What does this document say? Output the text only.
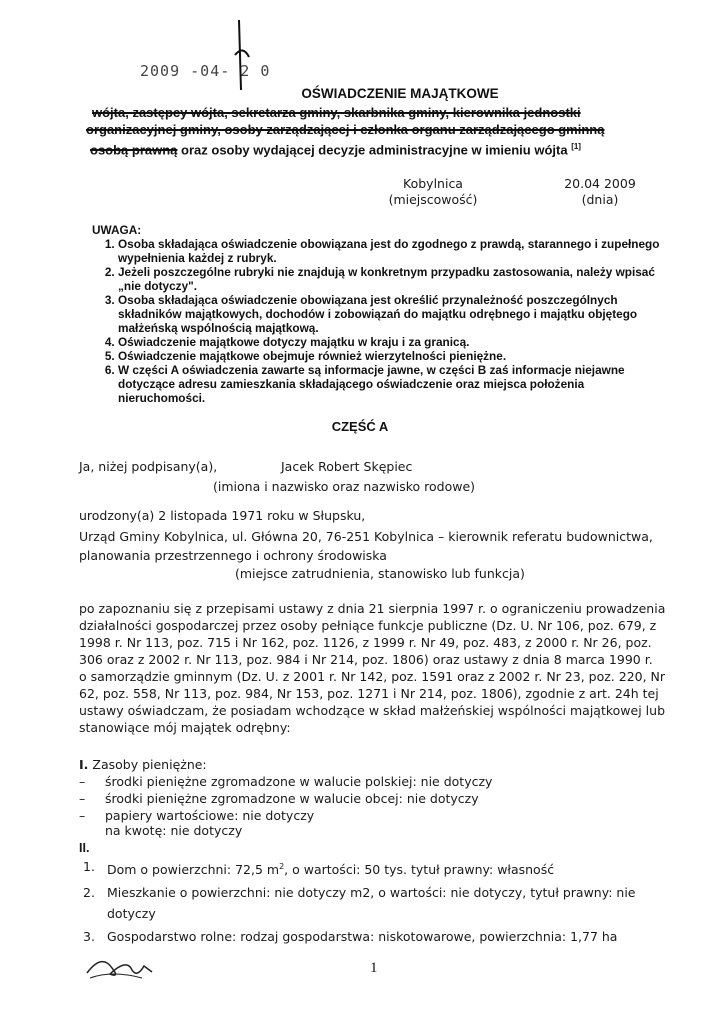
2009 -04- 2 0
OŚWIADCZENIE MAJĄTKOWE
wójta, zastępcy wójta, sekretarza gminy, skarbnika gminy, kierownika jednostki
organizacyjnej gminy, osoby zarządzającej i członka organu zarządzającego gminną
osobą prawną oraz osoby wydającej decyzje administracyjne w imieniu wójta [1]
Kobylnica
(miejscowość)
20.04 2009
(dnia)
UWAGA:
1. Osoba składająca oświadczenie obowiązana jest do zgodnego z prawdą, starannego i zupełnego wypełnienia każdej z rubryk.
2. Jeżeli poszczególne rubryki nie znajdują w konkretnym przypadku zastosowania, należy wpisać „nie dotyczy".
3. Osoba składająca oświadczenie obowiązana jest określić przynależność poszczególnych składników majątkowych, dochodów i zobowiązań do majątku odrębnego i majątku objętego małżeńską wspólnością majątkową.
4. Oświadczenie majątkowe dotyczy majątku w kraju i za granicą.
5. Oświadczenie majątkowe obejmuje również wierzytelności pieniężne.
6. W części A oświadczenia zawarte są informacje jawne, w części B zaś informacje niejawne dotyczące adresu zamieszkania składającego oświadczenie oraz miejsca położenia nieruchomości.
CZĘŚĆ A
Ja, niżej podpisany(a),	Jacek Robert Skępiec
(imiona i nazwisko oraz nazwisko rodowe)
urodzony(a) 2 listopada 1971 roku w Słupsku,
Urząd Gminy Kobylnica, ul. Główna 20, 76-251 Kobylnica – kierownik referatu budownictwa,
planowania przestrzennego i ochrony środowiska
(miejsce zatrudnienia, stanowisko lub funkcja)
po zapoznaniu się z przepisami ustawy z dnia 21 sierpnia 1997 r. o ograniczeniu prowadzenia
działalności gospodarczej przez osoby pełniące funkcje publiczne (Dz. U. Nr 106, poz. 679, z
1998 r. Nr 113, poz. 715 i Nr 162, poz. 1126, z 1999 r. Nr 49, poz. 483, z 2000 r. Nr 26, poz.
306 oraz z 2002 r. Nr 113, poz. 984 i Nr 214, poz. 1806) oraz ustawy z dnia 8 marca 1990 r.
o samorządzie gminnym (Dz. U. z 2001 r. Nr 142, poz. 1591 oraz z 2002 r. Nr 23, poz. 220, Nr
62, poz. 558, Nr 113, poz. 984, Nr 153, poz. 1271 i Nr 214, poz. 1806), zgodnie z art. 24h tej
ustawy oświadczam, że posiadam wchodzące w skład małżeńskiej wspólności majątkowej lub
stanowiące mój majątek odrębny:
I. Zasoby pieniężne:
– środki pieniężne zgromadzone w walucie polskiej: nie dotyczy
– środki pieniężne zgromadzone w walucie obcej: nie dotyczy
– papiery wartościowe: nie dotyczy
na kwotę: nie dotyczy
II.
1. Dom o powierzchni: 72,5 $m^2$, o wartości: 50 tys. tytuł prawny: własność
2. Mieszkanie o powierzchni: nie dotyczy m2, o wartości: nie dotyczy, tytuł prawny: nie dotyczy
3. Gospodarstwo rolne: rodzaj gospodarstwa: niskotowarowe, powierzchnia: 1,77 ha
1
